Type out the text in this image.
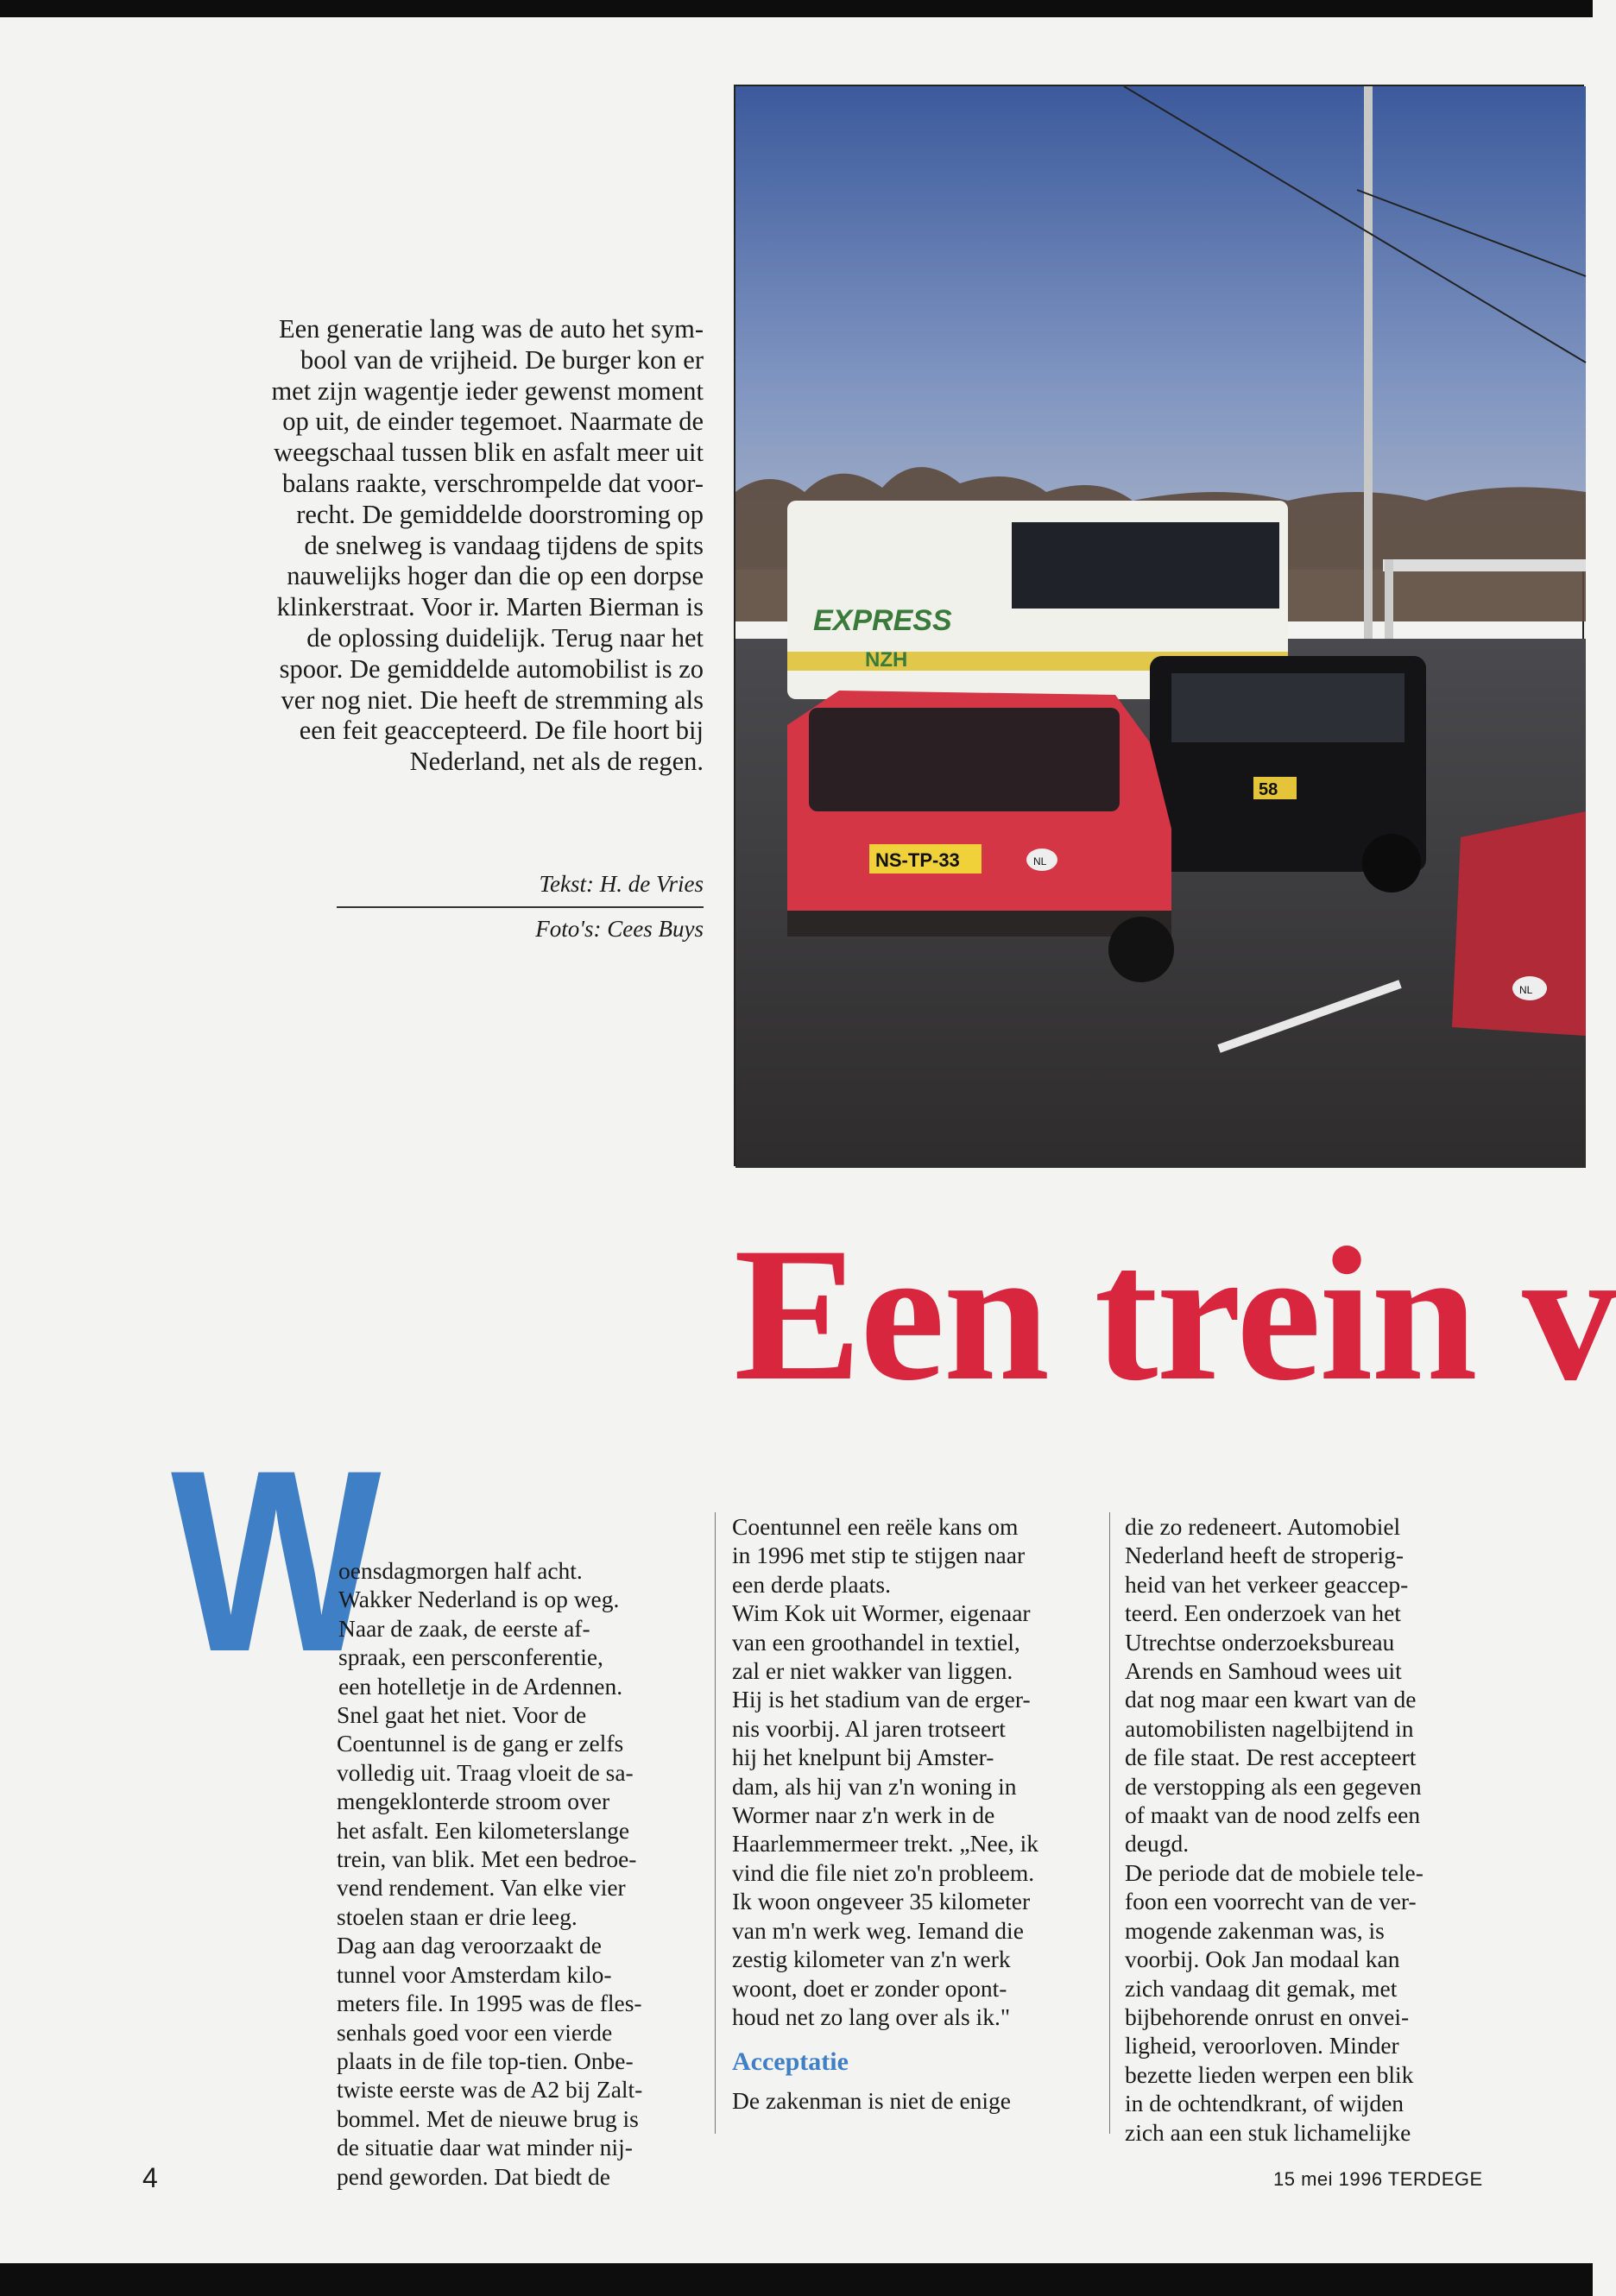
Een generatie lang was de auto het sym-

bool van de vrijheid. De burger kon er

met zijn wagentje ieder gewenst moment

op uit, de einder tegemoet. Naarmate de

weegschaal tussen blik en asfalt meer uit

balans raakte, verschrompelde dat voor-

recht. De gemiddelde doorstroming op

de snelweg is vandaag tijdens de spits

nauwelijks hoger dan die op een dorpse

klinkerstraat. Voor ir. Marten Bierman is

de oplossing duidelijk. Terug naar het

spoor. De gemiddelde automobilist is zo

ver nog niet. Die heeft de stremming als

een feit geaccepteerd. De file hoort bij

Nederland, net als de regen.

Tekst: H. de Vries
Foto's: Cees Buys
EXPRESS
NZH
58
NS-TP-33	NL
NL
Een trein v
W

oensdagmorgen half acht.

Wakker Nederland is op weg.

Naar de zaak, de eerste af-

spraak, een persconferentie,

een hotelletje in de Ardennen.

Snel gaat het niet. Voor de

Coentunnel is de gang er zelfs

volledig uit. Traag vloeit de sa-

mengeklonterde stroom over

het asfalt. Een kilometerslange

trein, van blik. Met een bedroe-

vend rendement. Van elke vier

stoelen staan er drie leeg.

Dag aan dag veroorzaakt de

tunnel voor Amsterdam kilo-

meters file. In 1995 was de fles-

senhals goed voor een vierde

plaats in de file top-tien. Onbe-

twiste eerste was de A2 bij Zalt-

bommel. Met de nieuwe brug is

de situatie daar wat minder nij-

pend geworden. Dat biedt de

Coentunnel een reële kans om

in 1996 met stip te stijgen naar

een derde plaats.

Wim Kok uit Wormer, eigenaar

van een groothandel in textiel,

zal er niet wakker van liggen.

Hij is het stadium van de erger-

nis voorbij. Al jaren trotseert

hij het knelpunt bij Amster-

dam, als hij van z'n woning in

Wormer naar z'n werk in de

Haarlemmermeer trekt. „Nee, ik

vind die file niet zo'n probleem.

Ik woon ongeveer 35 kilometer

van m'n werk weg. Iemand die

zestig kilometer van z'n werk

woont, doet er zonder opont-

houd net zo lang over als ik."

Acceptatie

De zakenman is niet de enige

die zo redeneert. Automobiel

Nederland heeft de stroperig-

heid van het verkeer geaccep-

teerd. Een onderzoek van het

Utrechtse onderzoeksbureau

Arends en Samhoud wees uit

dat nog maar een kwart van de

automobilisten nagelbijtend in

de file staat. De rest accepteert

de verstopping als een gegeven

of maakt van de nood zelfs een

deugd.

De periode dat de mobiele tele-

foon een voorrecht van de ver-

mogende zakenman was, is

voorbij. Ook Jan modaal kan

zich vandaag dit gemak, met

bijbehorende onrust en onvei-

ligheid, veroorloven. Minder

bezette lieden werpen een blik

in de ochtendkrant, of wijden

zich aan een stuk lichamelijke

4	15 mei 1996 TERDEGE
